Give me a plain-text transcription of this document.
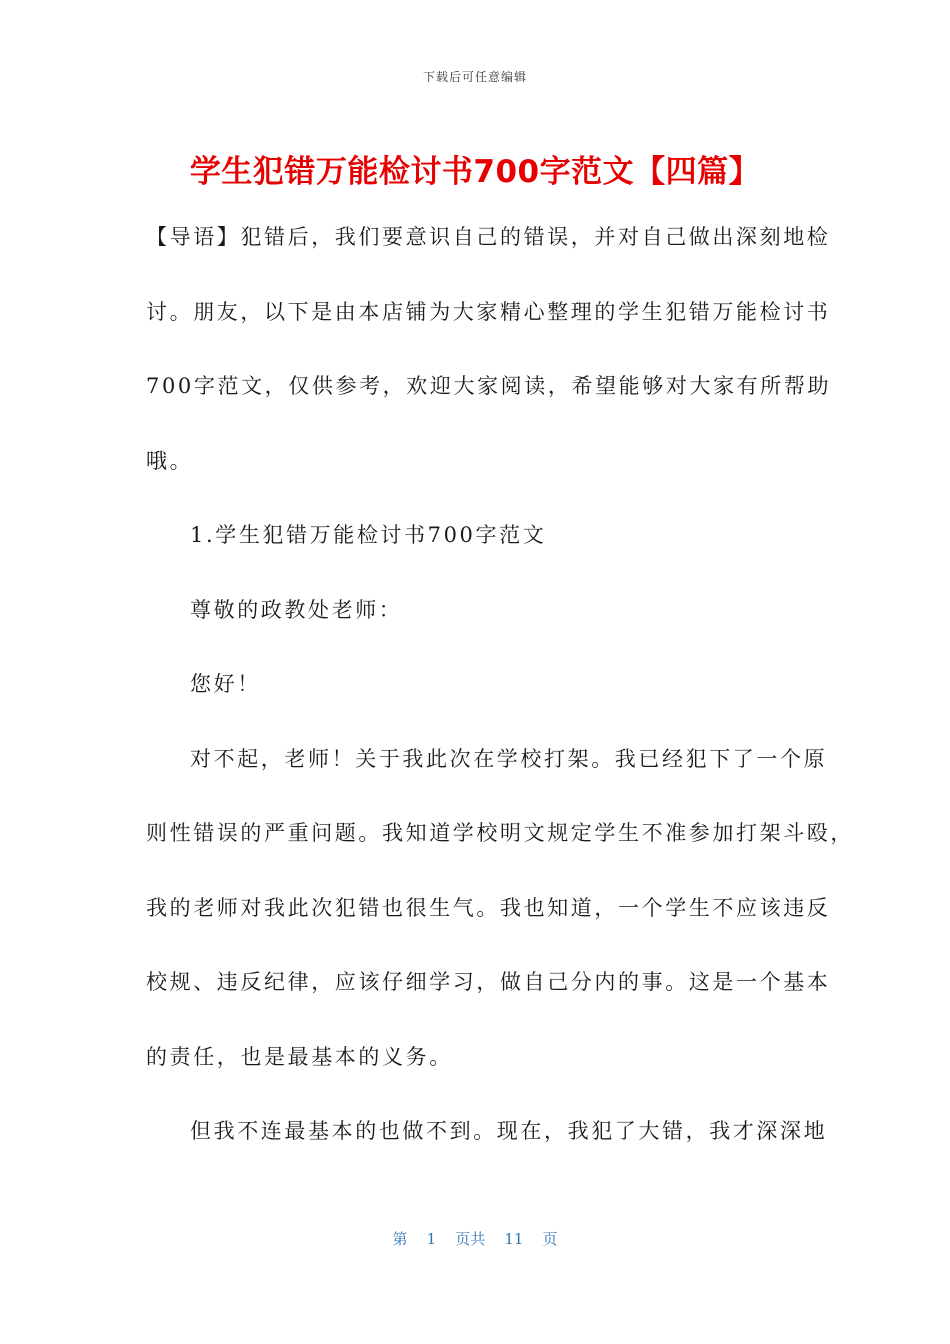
下载后可任意编辑
学生犯错万能检讨书700字范文【四篇】
【导语】犯错后，我们要意识自己的错误，并对自己做出深刻地检
讨。朋友，以下是由本店铺为大家精心整理的学生犯错万能检讨书
700字范文，仅供参考，欢迎大家阅读，希望能够对大家有所帮助
哦。
1.学生犯错万能检讨书700字范文
尊敬的政教处老师：
您好！
对不起，老师！关于我此次在学校打架。我已经犯下了一个原
则性错误的严重问题。我知道学校明文规定学生不准参加打架斗殴，
我的老师对我此次犯错也很生气。我也知道，一个学生不应该违反
校规、违反纪律，应该仔细学习，做自己分内的事。这是一个基本
的责任，也是最基本的义务。
但我不连最基本的也做不到。现在，我犯了大错，我才深深地
第 1 页共 11 页
